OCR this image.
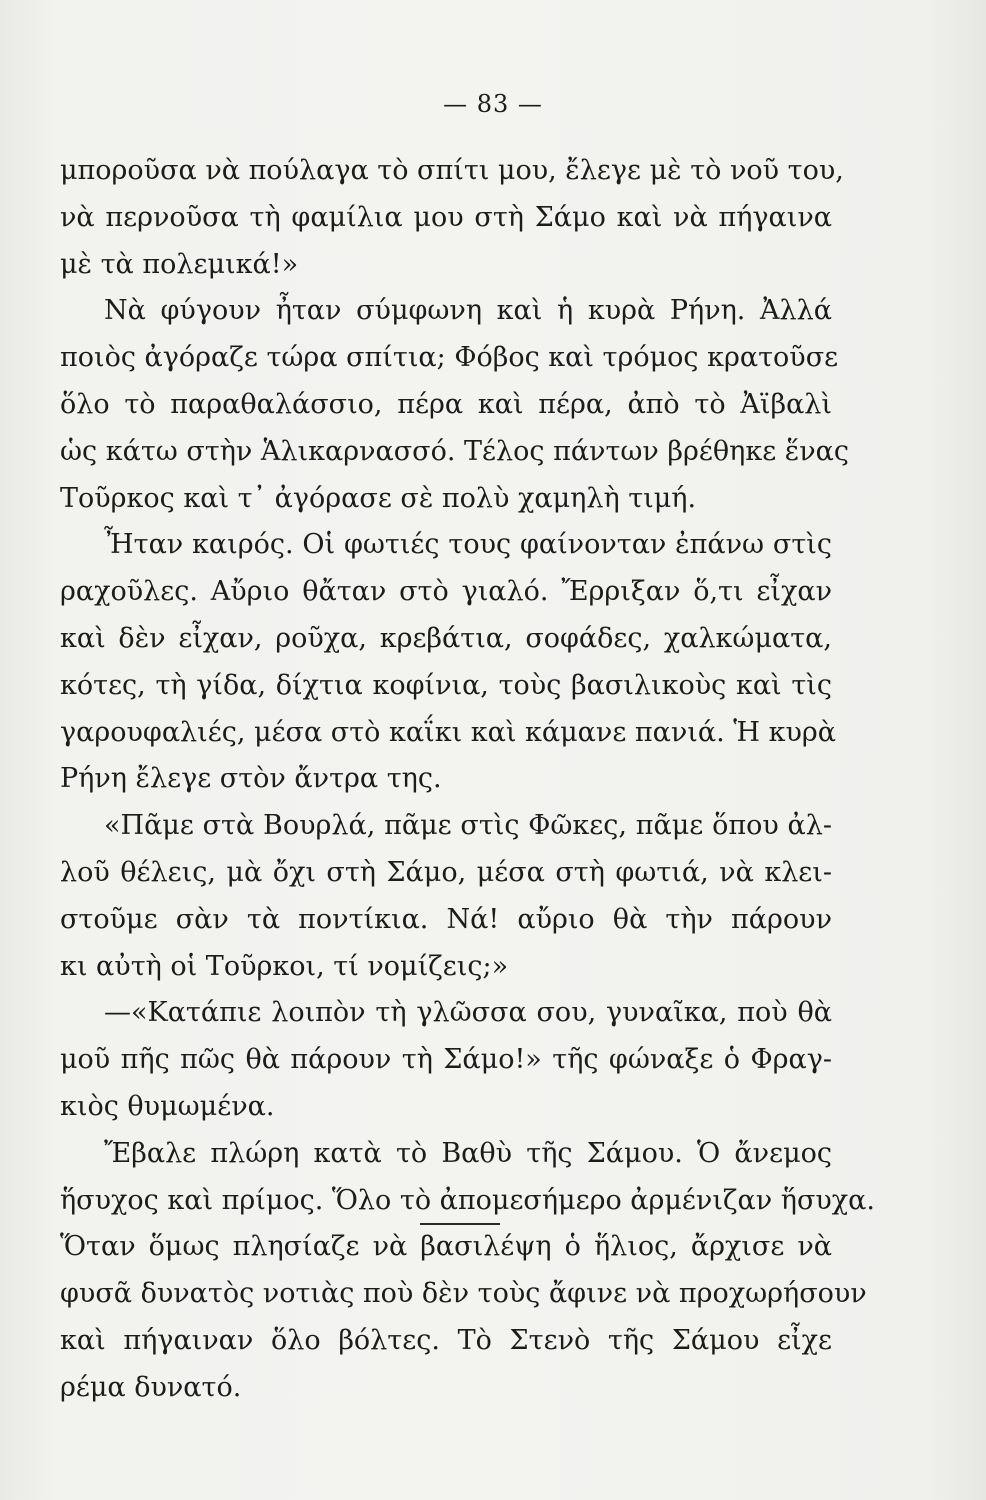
— 83 —
μποροῦσα νὰ πούλαγα τὸ σπίτι μου, ἔλεγε μὲ τὸ νοῦ του,
νὰ περνοῦσα τὴ φαμίλια μου στὴ Σάμο καὶ νὰ πήγαινα
μὲ τὰ πολεμικά!»
Νὰ φύγουν ἦταν σύμφωνη καὶ ἡ κυρὰ Ρήνη. Ἀλλά
ποιὸς ἀγόραζε τώρα σπίτια; Φόβος καὶ τρόμος κρατοῦσε
ὅλο τὸ παραθαλάσσιο, πέρα καὶ πέρα, ἀπὸ τὸ Ἀϊβαλὶ
ὡς κάτω στὴν Ἁλικαρνασσό. Τέλος πάντων βρέθηκε ἕνας
Τοῦρκος καὶ τ᾽ ἀγόρασε σὲ πολὺ χαμηλὴ τιμή.
Ἦταν καιρός. Οἱ φωτιές τους φαίνονταν ἐπάνω στὶς
ραχοῦλες. Αὔριο θἄταν στὸ γιαλό. Ἔρριξαν ὅ,τι εἶχαν
καὶ δὲν εἶχαν, ροῦχα, κρεβάτια, σοφάδες, χαλκώματα,
κότες, τὴ γίδα, δίχτια κοφίνια, τοὺς βασιλικοὺς καὶ τὶς
γαρουφαλιές, μέσα στὸ καΐκι καὶ κάμανε πανιά. Ἡ κυρὰ
Ρήνη ἔλεγε στὸν ἄντρα της.
«Πᾶμε στὰ Βουρλά, πᾶμε στὶς Φῶκες, πᾶμε ὅπου ἀλ-
λοῦ θέλεις, μὰ ὄχι στὴ Σάμο, μέσα στὴ φωτιά, νὰ κλει-
στοῦμε σὰν τὰ ποντίκια. Νά! αὔριο θὰ τὴν πάρουν
κι αὐτὴ οἱ Τοῦρκοι, τί νομίζεις;»
—«Κατάπιε λοιπὸν τὴ γλῶσσα σου, γυναῖκα, ποὺ θὰ
μοῦ πῆς πῶς θὰ πάρουν τὴ Σάμο!» τῆς φώναξε ὁ Φραγ-
κιὸς θυμωμένα.
Ἔβαλε πλώρη κατὰ τὸ Βαθὺ τῆς Σάμου. Ὁ ἄνεμος
ἥσυχος καὶ πρίμος. Ὅλο τὸ ἀπομεσήμερο ἀρμένιζαν ἥσυχα.
Ὅταν ὅμως πλησίαζε νὰ βασιλέψη ὁ ἥλιος, ἄρχισε νὰ
φυσᾶ δυνατὸς νοτιὰς ποὺ δὲν τοὺς ἄφινε νὰ προχωρήσουν
καὶ πήγαιναν ὅλο βόλτες. Τὸ Στενὸ τῆς Σάμου εἶχε
ρέμα δυνατό.
